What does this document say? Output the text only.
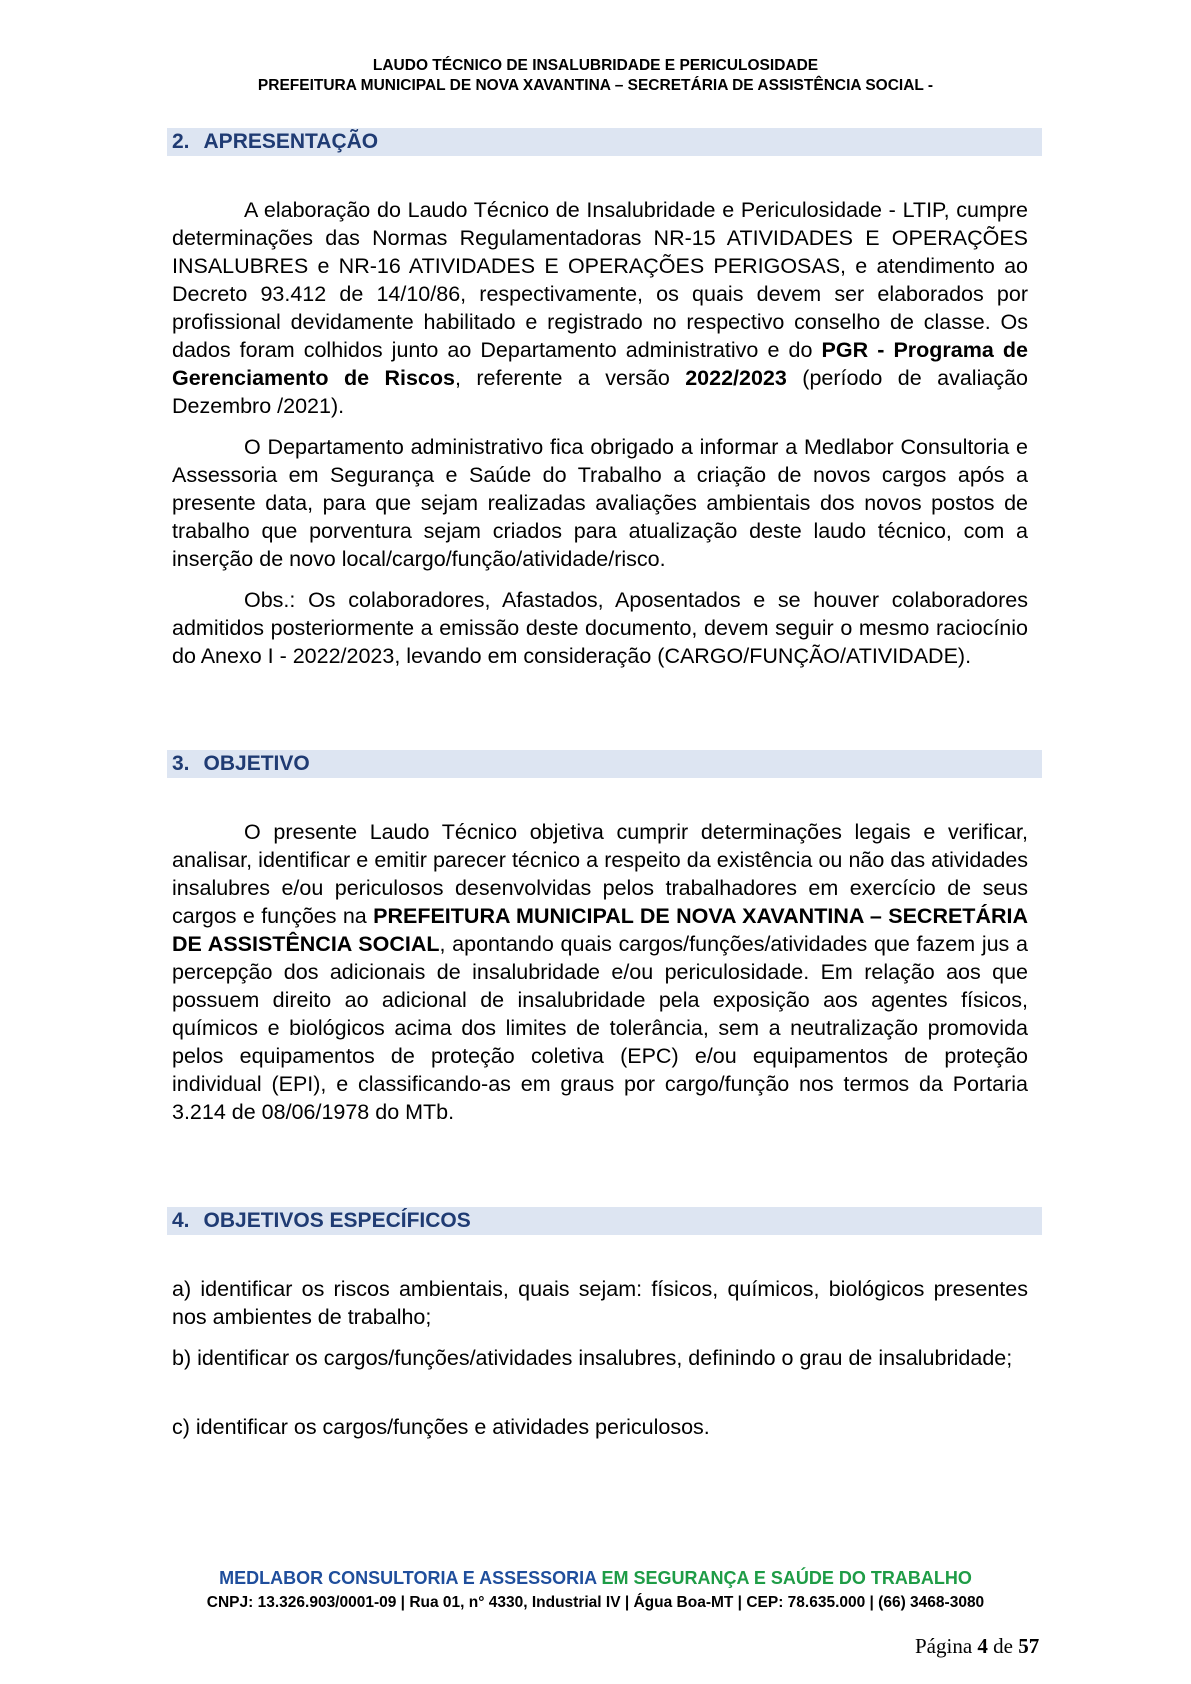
LAUDO TÉCNICO DE INSALUBRIDADE E PERICULOSIDADE
PREFEITURA MUNICIPAL DE NOVA XAVANTINA – SECRETÁRIA DE ASSISTÊNCIA SOCIAL -
2. APRESENTAÇÃO
A elaboração do Laudo Técnico de Insalubridade e Periculosidade - LTIP, cumpre determinações das Normas Regulamentadoras NR-15 ATIVIDADES E OPERAÇÕES INSALUBRES e NR-16 ATIVIDADES E OPERAÇÕES PERIGOSAS, e atendimento ao Decreto 93.412 de 14/10/86, respectivamente, os quais devem ser elaborados por profissional devidamente habilitado e registrado no respectivo conselho de classe. Os dados foram colhidos junto ao Departamento administrativo e do PGR - Programa de Gerenciamento de Riscos, referente a versão 2022/2023 (período de avaliação Dezembro /2021).
O Departamento administrativo fica obrigado a informar a Medlabor Consultoria e Assessoria em Segurança e Saúde do Trabalho a criação de novos cargos após a presente data, para que sejam realizadas avaliações ambientais dos novos postos de trabalho que porventura sejam criados para atualização deste laudo técnico, com a inserção de novo local/cargo/função/atividade/risco.
Obs.: Os colaboradores, Afastados, Aposentados e se houver colaboradores admitidos posteriormente a emissão deste documento, devem seguir o mesmo raciocínio do Anexo I - 2022/2023, levando em consideração (CARGO/FUNÇÃO/ATIVIDADE).
3. OBJETIVO
O presente Laudo Técnico objetiva cumprir determinações legais e verificar, analisar, identificar e emitir parecer técnico a respeito da existência ou não das atividades insalubres e/ou periculosos desenvolvidas pelos trabalhadores em exercício de seus cargos e funções na PREFEITURA MUNICIPAL DE NOVA XAVANTINA – SECRETÁRIA DE ASSISTÊNCIA SOCIAL, apontando quais cargos/funções/atividades que fazem jus a percepção dos adicionais de insalubridade e/ou periculosidade. Em relação aos que possuem direito ao adicional de insalubridade pela exposição aos agentes físicos, químicos e biológicos acima dos limites de tolerância, sem a neutralização promovida pelos equipamentos de proteção coletiva (EPC) e/ou equipamentos de proteção individual (EPI), e classificando-as em graus por cargo/função nos termos da Portaria 3.214 de 08/06/1978 do MTb.
4. OBJETIVOS ESPECÍFICOS
a) identificar os riscos ambientais, quais sejam: físicos, químicos, biológicos presentes nos ambientes de trabalho;
b) identificar os cargos/funções/atividades insalubres, definindo o grau de insalubridade;
c) identificar os cargos/funções e atividades periculosos.
MEDLABOR CONSULTORIA E ASSESSORIA EM SEGURANÇA E SAÚDE DO TRABALHO
CNPJ: 13.326.903/0001-09 | Rua 01, n° 4330, Industrial IV | Água Boa-MT | CEP: 78.635.000 | (66) 3468-3080
Página 4 de 57
